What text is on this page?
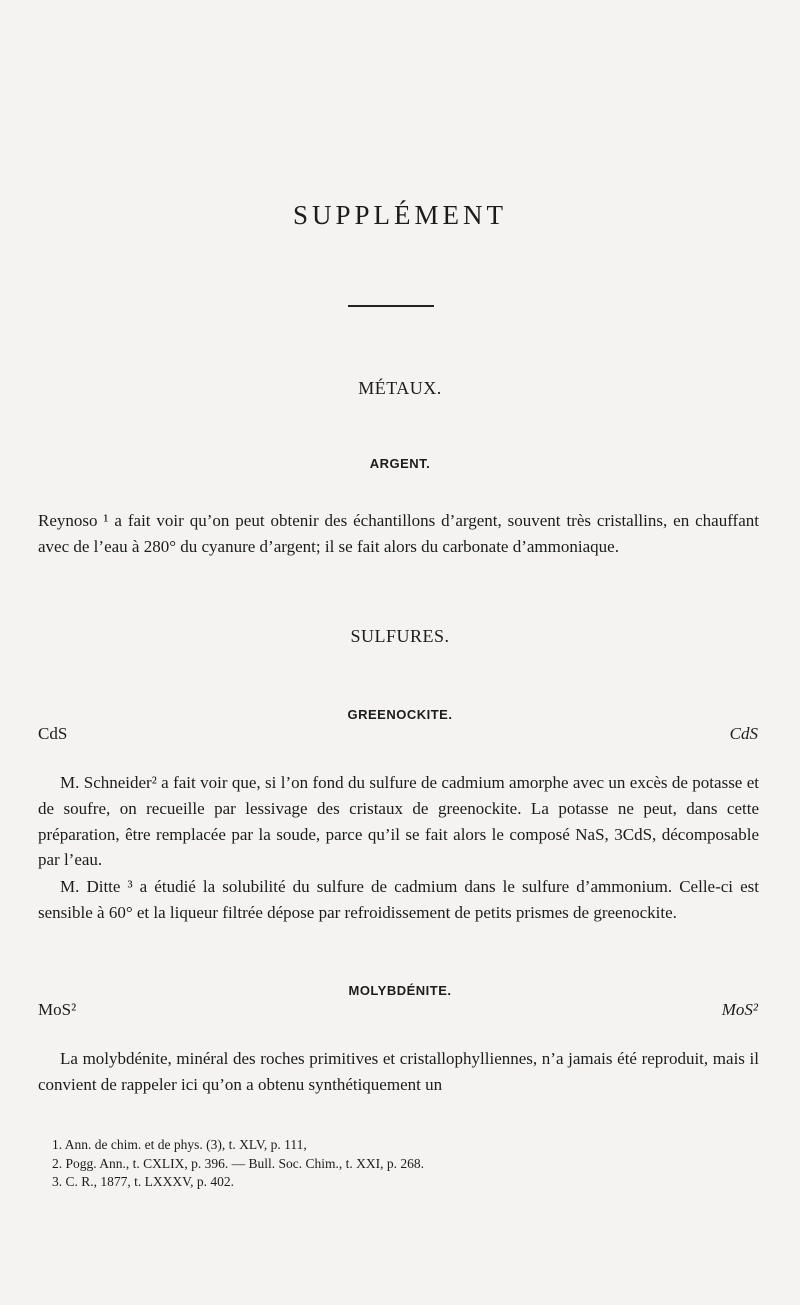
SUPPLÉMENT
MÉTAUX.
ARGENT.

Reynoso ¹ a fait voir qu’on peut obtenir des échantillons d’argent, souvent très cristallins, en chauffant avec de l’eau à 280° du cyanure d’argent; il se fait alors du carbonate d’ammoniaque.

SULFURES.
GREENOCKITE.
CdS	CdS

M. Schneider² a fait voir que, si l’on fond du sulfure de cadmium amorphe avec un excès de potasse et de soufre, on recueille par lessivage des cristaux de greenockite. La potasse ne peut, dans cette préparation, être remplacée par la soude, parce qu’il se fait alors le composé NaS, 3CdS, décomposable par l’eau.

M. Ditte ³ a étudié la solubilité du sulfure de cadmium dans le sulfure d’ammonium. Celle-ci est sensible à 60° et la liqueur filtrée dépose par refroidissement de petits prismes de greenockite.

MOLYBDÉNITE.
MoS²	MoS²

La molybdénite, minéral des roches primitives et cristallophylliennes, n’a jamais été reproduit, mais il convient de rappeler ici qu’on a obtenu synthétiquement un

1. Ann. de chim. et de phys. (3), t. XLV, p. 111,
2. Pogg. Ann., t. CXLIX, p. 396. — Bull. Soc. Chim., t. XXI, p. 268.
3. C. R., 1877, t. LXXXV, p. 402.
